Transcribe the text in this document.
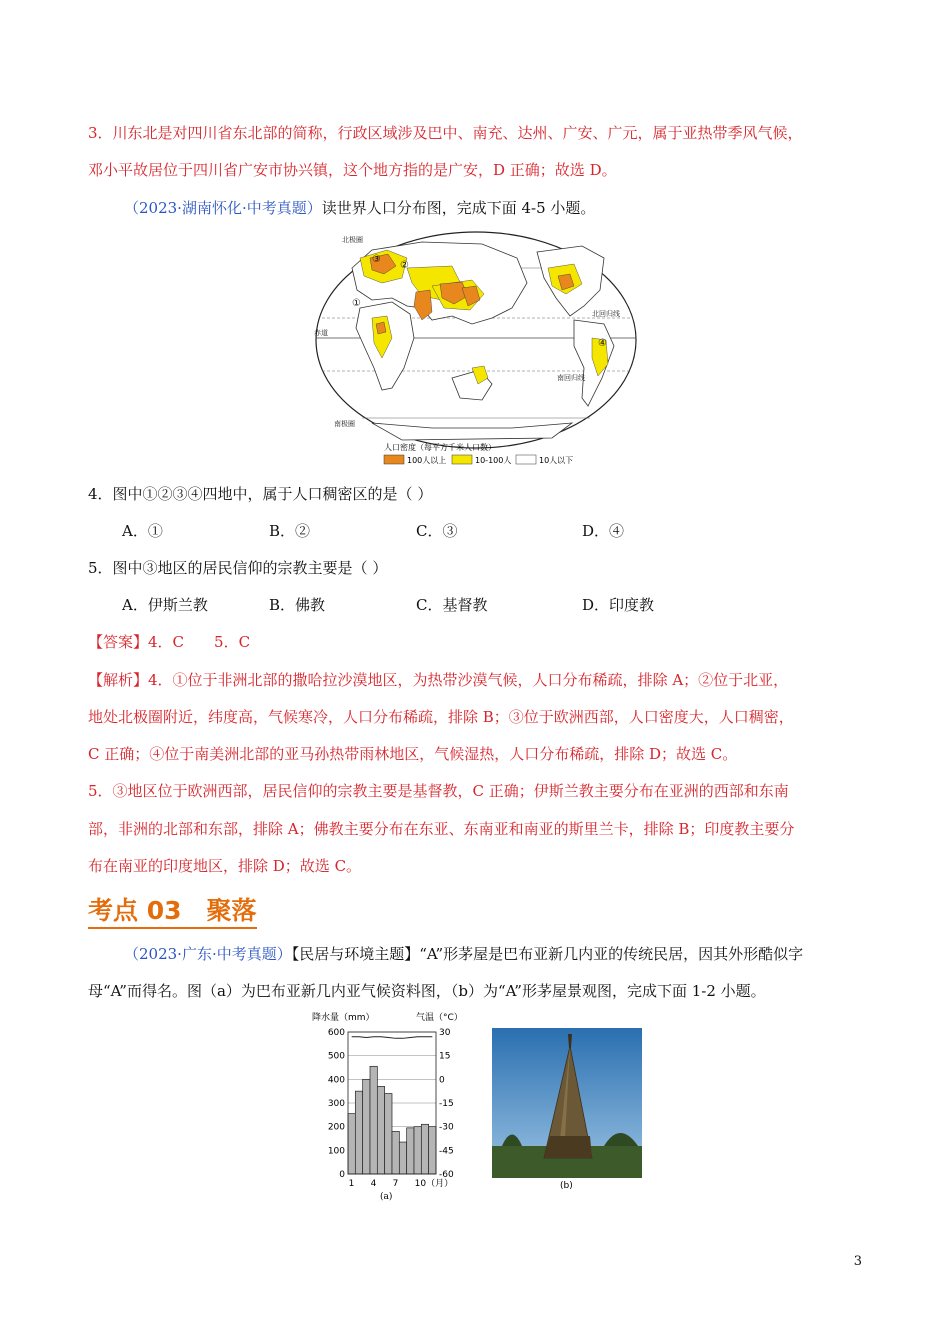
3．川东北是对四川省东北部的简称，行政区域涉及巴中、南充、达州、广安、广元，属于亚热带季风气候，
邓小平故居位于四川省广安市协兴镇，这个地方指的是广安，D 正确；故选 D。
（2023·湖南怀化·中考真题）读世界人口分布图，完成下面 4-5 小题。
①
②
③
④
北极圈
赤道
北回归线
南回归线
南极圈
人口密度（每平方千米人口数）
100人以上	10-100人	10人以下
4．图中①②③④四地中，属于人口稠密区的是（ ）
A．①	B．②	C．③	D．④
5．图中③地区的居民信仰的宗教主要是（ ）
A．伊斯兰教	B．佛教	C．基督教	D．印度教
【答案】4．C　　5．C
【解析】4．①位于非洲北部的撒哈拉沙漠地区，为热带沙漠气候，人口分布稀疏，排除 A；②位于北亚，
地处北极圈附近，纬度高，气候寒冷，人口分布稀疏，排除 B；③位于欧洲西部，人口密度大，人口稠密，
C 正确；④位于南美洲北部的亚马孙热带雨林地区，气候湿热，人口分布稀疏，排除 D；故选 C。
5．③地区位于欧洲西部，居民信仰的宗教主要是基督教，C 正确；伊斯兰教主要分布在亚洲的西部和东南
部，非洲的北部和东部，排除 A；佛教主要分布在东亚、东南亚和南亚的斯里兰卡，排除 B；印度教主要分
布在南亚的印度地区，排除 D；故选 C。
考点 03　聚落
（2023·广东·中考真题）【民居与环境主题】“A”形茅屋是巴布亚新几内亚的传统民居，因其外形酷似字
母“A”而得名。图（a）为巴布亚新几内亚气候资料图，（b）为“A”形茅屋景观图，完成下面 1-2 小题。
降水量（mm）	气温（°C）
0
100
200
300
400
500
600
-60
-45
-30
-15
0
15
30
1 4 7 10（月）
(a)
(b)
3
